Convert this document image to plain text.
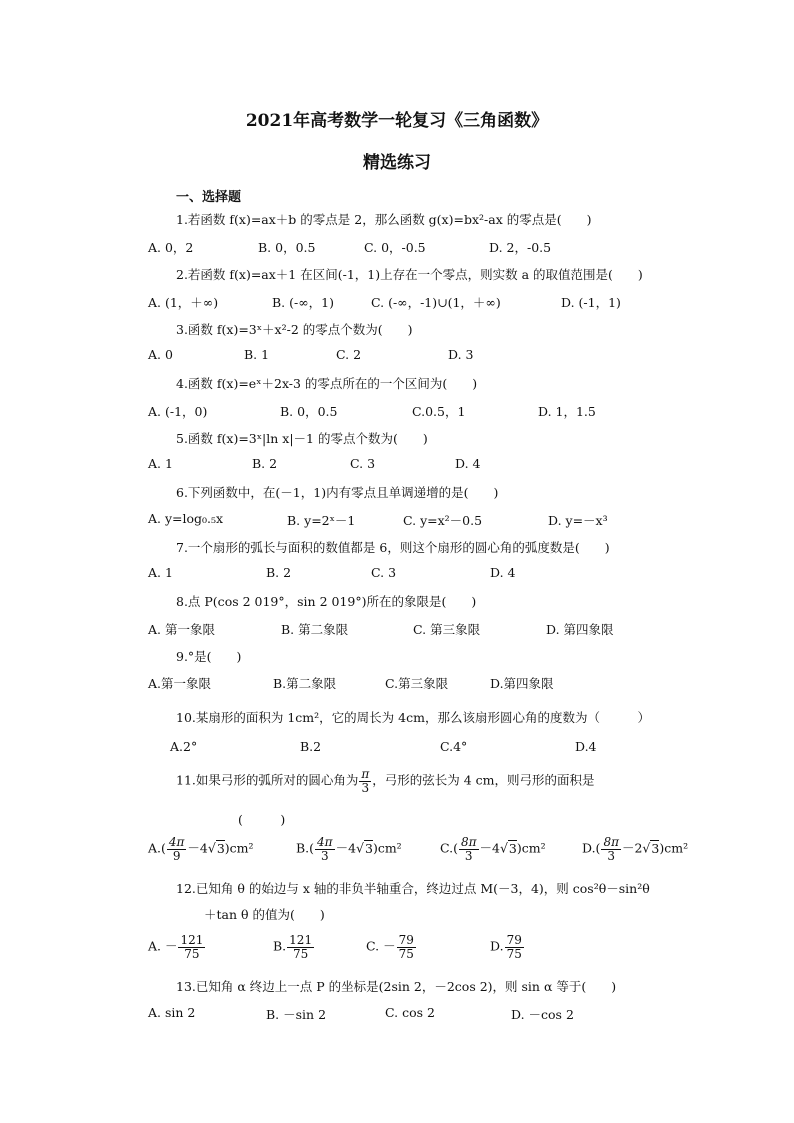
2021年高考数学一轮复习《三角函数》
精选练习
一、选择题
1.若函数 f(x)=ax＋b 的零点是 2，那么函数 g(x)=bx²-ax 的零点是(　　)
A. 0，2	B. 0，0.5	C. 0，-0.5	D. 2，-0.5
2.若函数 f(x)=ax＋1 在区间(-1，1)上存在一个零点，则实数 a 的取值范围是(　　)
A. (1，＋∞)	B. (-∞，1)	C. (-∞，-1)∪(1，＋∞)	D. (-1，1)
3.函数 f(x)=3ˣ＋x²-2 的零点个数为(　　)
A. 0	B. 1	C. 2	D. 3
4.函数 f(x)=eˣ＋2x-3 的零点所在的一个区间为(　　)
A. (-1，0)	B. 0，0.5	C.0.5，1	D. 1，1.5
5.函数 f(x)=3ˣ|ln x|－1 的零点个数为(　　)
A. 1	B. 2	C. 3	D. 4
6.下列函数中，在(－1，1)内有零点且单调递增的是(　　)
A. y=log₀.₅x	B. y=2ˣ－1	C. y=x²－0.5	D. y=－x³
7.一个扇形的弧长与面积的数值都是 6，则这个扇形的圆心角的弧度数是(　　)
A. 1	B. 2	C. 3	D. 4
8.点 P(cos 2 019°，sin 2 019°)所在的象限是(　　)
A. 第一象限	B. 第二象限	C. 第三象限	D. 第四象限
9.°是(　　)
A.第一象限	B.第二象限	C.第三象限	D.第四象限
10.某扇形的面积为 1cm²，它的周长为 4cm，那么该扇形圆心角的度数为（　　　）
A.2°	B.2	C.4°	D.4
11.如果弓形的弧所对的圆心角为 $\frac{\pi}{3}$ ，弓形的弦长为 4 cm，则弓形的面积是
(　　　)
$A.( \frac{4\pi}{9} -4√3)cm^2$	$B.( \frac{4\pi}{3} -4√3)cm^2$	$C.( \frac{8\pi}{3} -4√3)cm^2$	$D.( \frac{8\pi}{3} -2√3)cm^2$
12.已知角 θ 的始边与 x 轴的非负半轴重合，终边过点 M(－3，4)，则 cos²θ－sin²θ
＋tan θ 的值为(　　)
A. － $\frac{121}{75}$	B. $\frac{121}{75}$	C. － $\frac{79}{75}$	D. $\frac{79}{75}$
13.已知角 α 终边上一点 P 的坐标是(2sin 2，－2cos 2)，则 sin α 等于(　　)
A. sin 2	B. －sin 2	C. cos 2	D. －cos 2
